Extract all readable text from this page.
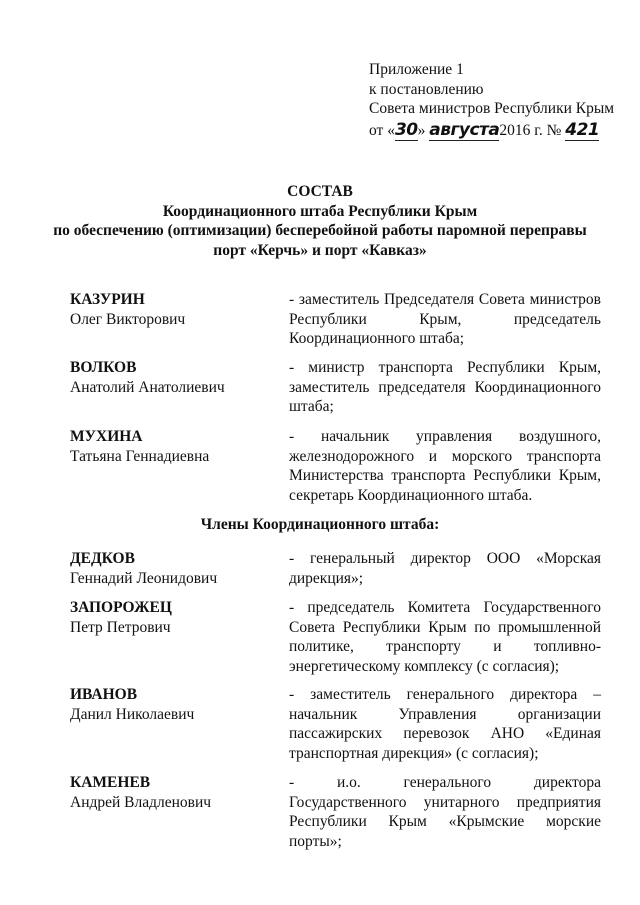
Приложение 1
к постановлению
Совета министров Республики Крым
от «30» августа2016 г. № 421
СОСТАВ
Координационного штаба Республики Крым
по обеспечению (оптимизации) бесперебойной работы паромной переправы
порт «Керчь» и порт «Кавказ»
КАЗУРИН
Олег Викторович
- заместитель Председателя Совета министров Республики Крым, председатель Координационного штаба;
ВОЛКОВ
Анатолий Анатолиевич
- министр транспорта Республики Крым, заместитель председателя Координационного штаба;
МУХИНА
Татьяна Геннадиевна
- начальник управления воздушного, железнодорожного и морского транспорта Министерства транспорта Республики Крым, секретарь Координационного штаба.
Члены Координационного штаба:
ДЕДКОВ
Геннадий Леонидович
- генеральный директор ООО «Морская дирекция»;
ЗАПОРОЖЕЦ
Петр Петрович
- председатель Комитета Государственного Совета Республики Крым по промышленной политике, транспорту и топливно-энергетическому комплексу (с согласия);
ИВАНОВ
Данил Николаевич
- заместитель генерального директора – начальник Управления организации пассажирских перевозок АНО «Единая транспортная дирекция» (с согласия);
КАМЕНЕВ
Андрей Владленович
- и.о. генерального директора Государственного унитарного предприятия Республики Крым «Крымские морские порты»;
